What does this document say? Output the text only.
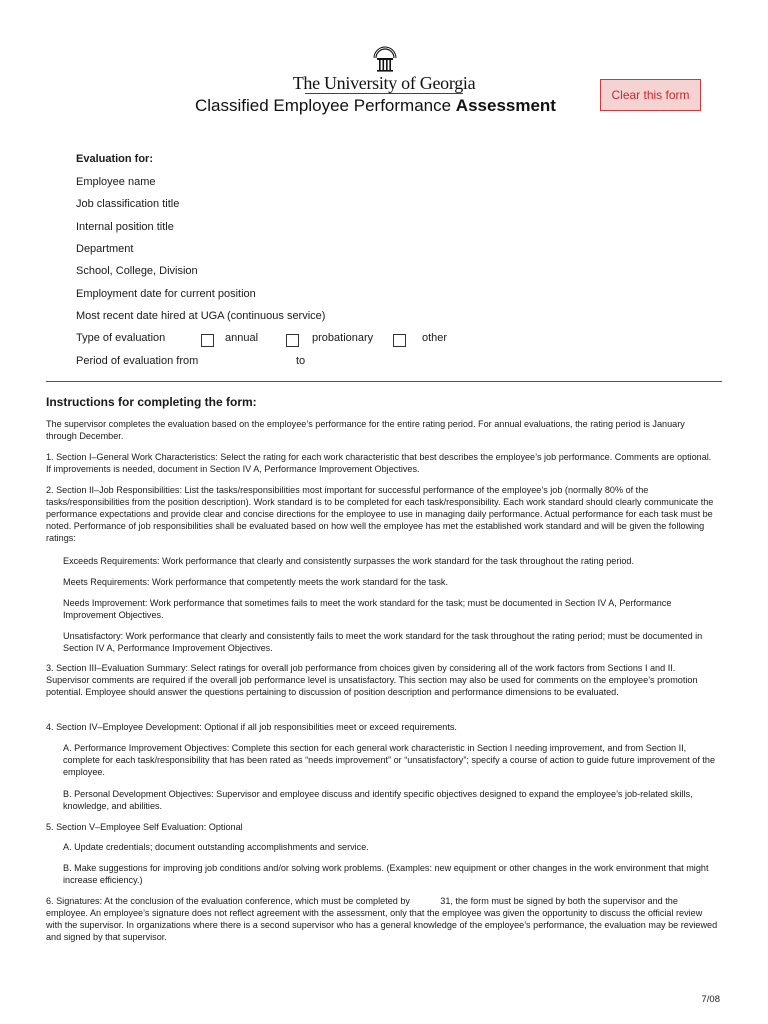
The University of Georgia
Classified Employee Performance Assessment
Clear this form
Evaluation for:
Employee name
Job classification title
Internal position title
Department
School, College, Division
Employment date for current position
Most recent date hired at UGA (continuous service)
Type of evaluation	annual	probationary	other
Period of evaluation from	to
Instructions for completing the form:
The supervisor completes the evaluation based on the employee’s performance for the entire rating period. For annual evaluations, the rating period is January through December.
1. Section I–General Work Characteristics: Select the rating for each work characteristic that best describes the employee’s job performance. Comments are optional. If improvements is needed, document in Section IV A, Performance Improvement Objectives.
2. Section II–Job Responsibilities: List the tasks/responsibilities most important for successful performance of the employee’s job (normally 80% of the tasks/responsibilities from the position description). Work standard is to be completed for each task/responsibility. Each work standard should clearly communicate the performance expectations and provide clear and concise directions for the employee to use in managing daily performance. Actual performance for each task must be noted. Performance of job responsibilities shall be evaluated based on how well the employee has met the established work standard and will be given the following ratings:
Exceeds Requirements: Work performance that clearly and consistently surpasses the work standard for the task throughout the rating period.
Meets Requirements: Work performance that competently meets the work standard for the task.
Needs Improvement: Work performance that sometimes fails to meet the work standard for the task; must be documented in Section IV A, Performance Improvement Objectives.
Unsatisfactory: Work performance that clearly and consistently fails to meet the work standard for the task throughout the rating period; must be documented in Section IV A, Performance Improvement Objectives.
3. Section III–Evaluation Summary: Select ratings for overall job performance from choices given by considering all of the work factors from Sections I and II. Supervisor comments are required if the overall job performance level is unsatisfactory. This section may also be used for comments on the employee’s promotion potential. Employee should answer the questions pertaining to discussion of position description and performance dimensions to be evaluated.
4. Section IV–Employee Development: Optional if all job responsibilities meet or exceed requirements.
A. Performance Improvement Objectives: Complete this section for each general work characteristic in Section I needing improvement, and from Section II, complete for each task/responsibility that has been rated as “needs improvement” or “unsatisfactory”; specify a course of action to guide future improvement of the employee.
B. Personal Development Objectives: Supervisor and employee discuss and identify specific objectives designed to expand the employee’s job-related skills, knowledge, and abilities.
5. Section V–Employee Self Evaluation: Optional
A. Update credentials; document outstanding accomplishments and service.
B. Make suggestions for improving job conditions and/or solving work problems. (Examples: new equipment or other changes in the work environment that might increase efficiency.)
6. Signatures: At the conclusion of the evaluation conference, which must be completed by            31, the form must be signed by both the supervisor and the employee. An employee’s signature does not reflect agreement with the assessment, only that the employee was given the opportunity to discuss the official review with the supervisor. In organizations where there is a second supervisor who has a general knowledge of the employee’s performance, the evaluation may be reviewed and signed by that supervisor.
7/08
